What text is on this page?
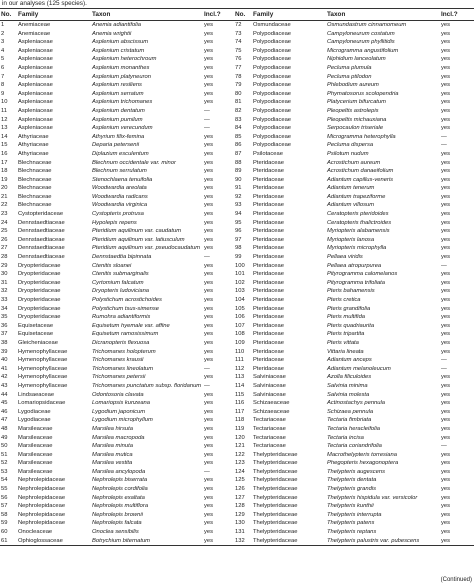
in our analyses (125 species).
No.	Family	Taxon	Incl.?	No.	Family	Taxon	Incl.?
1	Anemiaceae	Anemia adiantifolia	yes	72	Osmundaceae	Osmundastrum cinnamomeum	yes
2	Anemiaceae	Anemia wrightii	yes	73	Polypodiaceae	Campyloneurum costatum	yes
3	Aspleniaceae	Asplenium abscissum	yes	74	Polypodiaceae	Campyloneurum phyllitidis	yes
4	Aspleniaceae	Asplenium cristatum	yes	75	Polypodiaceae	Microgramma angustifolium	yes
5	Aspleniaceae	Asplenium heterochroum	yes	76	Polypodiaceae	Niphidium lanceolatum	yes
6	Aspleniaceae	Asplenium monanthes	yes	77	Polypodiaceae	Pecluma plumula	yes
7	Aspleniaceae	Asplenium platyneuron	yes	78	Polypodiaceae	Pecluma ptilodon	yes
8	Aspleniaceae	Asplenium resiliens	yes	79	Polypodiaceae	Phlebodium aureum	yes
9	Aspleniaceae	Asplenium serratum	yes	80	Polypodiaceae	Phymatosorus scolopendria	yes
10	Aspleniaceae	Asplenium trichomanes	yes	81	Polypodiaceae	Platycerium bifurcatum	yes
11	Aspleniaceae	Asplenium dentatum	—	82	Polypodiaceae	Pleopeltis astrolepis	yes
12	Aspleniaceae	Asplenium pumilum	—	83	Polypodiaceae	Pleopeltis michauxiana	yes
13	Aspleniaceae	Asplenium verecundum	—	84	Polypodiaceae	Serpocaulon triseriale	yes
14	Athyriaceae	Athyrium filix-femina	yes	85	Polypodiaceae	Microgramma heterophylla	—
15	Athyriaceae	Deparia petersenii	yes	86	Polypodiaceae	Pecluma dispersa	—
16	Athyriaceae	Diplazium esculentum	yes	87	Psilotaceae	Psilotum nudum	yes
17	Blechnaceae	Blechnum occidentale var. minor	yes	88	Pteridaceae	Acrostichum aureum	yes
18	Blechnaceae	Blechnum serrulatum	yes	89	Pteridaceae	Acrostichum danaeifolium	yes
19	Blechnaceae	Stenochlaena tenuifolia	yes	90	Pteridaceae	Adiantum capillus-veneris	yes
20	Blechnaceae	Woodwardia areolata	yes	91	Pteridaceae	Adiantum tenerum	yes
21	Blechnaceae	Woodwardia radicans	yes	92	Pteridaceae	Adiantum trapeziforme	yes
22	Blechnaceae	Woodwardia virginica	yes	93	Pteridaceae	Adiantum villosum	yes
23	Cystopteridaceae	Cystopteris protrusa	yes	94	Pteridaceae	Ceratopteris pteridoides	yes
24	Dennstaedtiaceae	Hypolepis repens	yes	95	Pteridaceae	Ceratopteris thalictroides	yes
25	Dennstaedtiaceae	Pteridium aquilinum var. caudatum	yes	96	Pteridaceae	Myriopteris alabamensis	yes
26	Dennstaedtiaceae	Pteridium aquilinum var. latiusculum	yes	97	Pteridaceae	Myriopteris lanosa	yes
27	Dennstaedtiaceae	Pteridium aquilinum var. pseudocaudatum	yes	98	Pteridaceae	Myriopteris microphylla	yes
28	Dennstaedtiaceae	Dennstaedtia bipinnata	—	99	Pteridaceae	Pellaea viridis	yes
29	Dryopteridaceae	Ctenitis sloanei	yes	100	Pteridaceae	Pellaea atropurpurea	—
30	Dryopteridaceae	Ctenitis submarginalis	yes	101	Pteridaceae	Pityrogramma calomelanos	yes
31	Dryopteridaceae	Cyrtomium falcatum	yes	102	Pteridaceae	Pityrogramma trifoliata	yes
32	Dryopteridaceae	Dryopteris ludoviciana	yes	103	Pteridaceae	Pteris bahamensis	yes
33	Dryopteridaceae	Polystichum acrostichoides	yes	104	Pteridaceae	Pteris cretica	yes
34	Dryopteridaceae	Polystichum tsus-simense	yes	105	Pteridaceae	Pteris grandifolia	yes
35	Dryopteridaceae	Rumohra adiantiformis	yes	106	Pteridaceae	Pteris multifida	yes
36	Equisetaceae	Equisetum hyemale var. affine	yes	107	Pteridaceae	Pteris quadriaurita	yes
37	Equisetaceae	Equisetum ramosissimum	yes	108	Pteridaceae	Pteris tripartita	yes
38	Gleicheniaceae	Dicranopteris flexuosa	yes	109	Pteridaceae	Pteris vittata	yes
39	Hymenophyllaceae	Trichomanes holopterum	yes	110	Pteridaceae	Vittaria lineata	yes
40	Hymenophyllaceae	Trichomanes krausii	yes	111	Pteridaceae	Adiantum anceps	—
41	Hymenophyllaceae	Trichomanes lineolatum	—	112	Pteridaceae	Adiantum melanoleucum	—
42	Hymenophyllaceae	Trichomanes petersii	yes	113	Salviniaceae	Azolla filiculoides	yes
43	Hymenophyllaceae	Trichomanes punctatum subsp. floridanum	—	114	Salviniaceae	Salvinia minima	yes
44	Lindsaeaceae	Odontosoria clavata	yes	115	Salviniaceae	Salvinia molesta	yes
45	Lomariopsidaceae	Lomariopsis kunzeana	yes	116	Schizaeaceae	Actinostachys pennula	yes
46	Lygodiaceae	Lygodium japonicum	yes	117	Schizaeaceae	Schizaea pennula	yes
47	Lygodiaceae	Lygodium microphyllum	yes	118	Tectariaceae	Tectaria fimbriata	yes
48	Marsileaceae	Marsilea hirsuta	yes	119	Tectariaceae	Tectaria heracleifolia	yes
49	Marsileaceae	Marsilea macropoda	yes	120	Tectariaceae	Tectaria incisa	yes
50	Marsileaceae	Marsilea minuta	yes	121	Tectariaceae	Tectaria coriandrifolia	—
51	Marsileaceae	Marsilea mutica	yes	122	Thelypteridaceae	Macrothelypteris torresiana	yes
52	Marsileaceae	Marsilea vestita	yes	123	Thelypteridaceae	Phegopteris hexagonoptera	yes
53	Marsileaceae	Marsilea ancylopoda	—	124	Thelypteridaceae	Thelypteris augescens	yes
54	Nephrolepidaceae	Nephrolepis biserrata	yes	125	Thelypteridaceae	Thelypteris dentata	yes
55	Nephrolepidaceae	Nephrolepis cordifolia	yes	126	Thelypteridaceae	Thelypteris grandis	yes
56	Nephrolepidaceae	Nephrolepis exaltata	yes	127	Thelypteridaceae	Thelypteris hispidula var. versicolor	yes
57	Nephrolepidaceae	Nephrolepis multiflora	yes	128	Thelypteridaceae	Thelypteris kunthii	yes
58	Nephrolepidaceae	Nephrolepis brownii	yes	129	Thelypteridaceae	Thelypteris interrupta	yes
59	Nephrolepidaceae	Nephrolepis falcata	yes	130	Thelypteridaceae	Thelypteris patens	yes
60	Onocleaceae	Onoclea sensibilis	yes	131	Thelypteridaceae	Thelypteris reptans	yes
61	Ophioglossaceae	Botrychium biternatum	yes	132	Thelypteridaceae	Thelypteris palustris var. pubescens	yes
(Continued)
